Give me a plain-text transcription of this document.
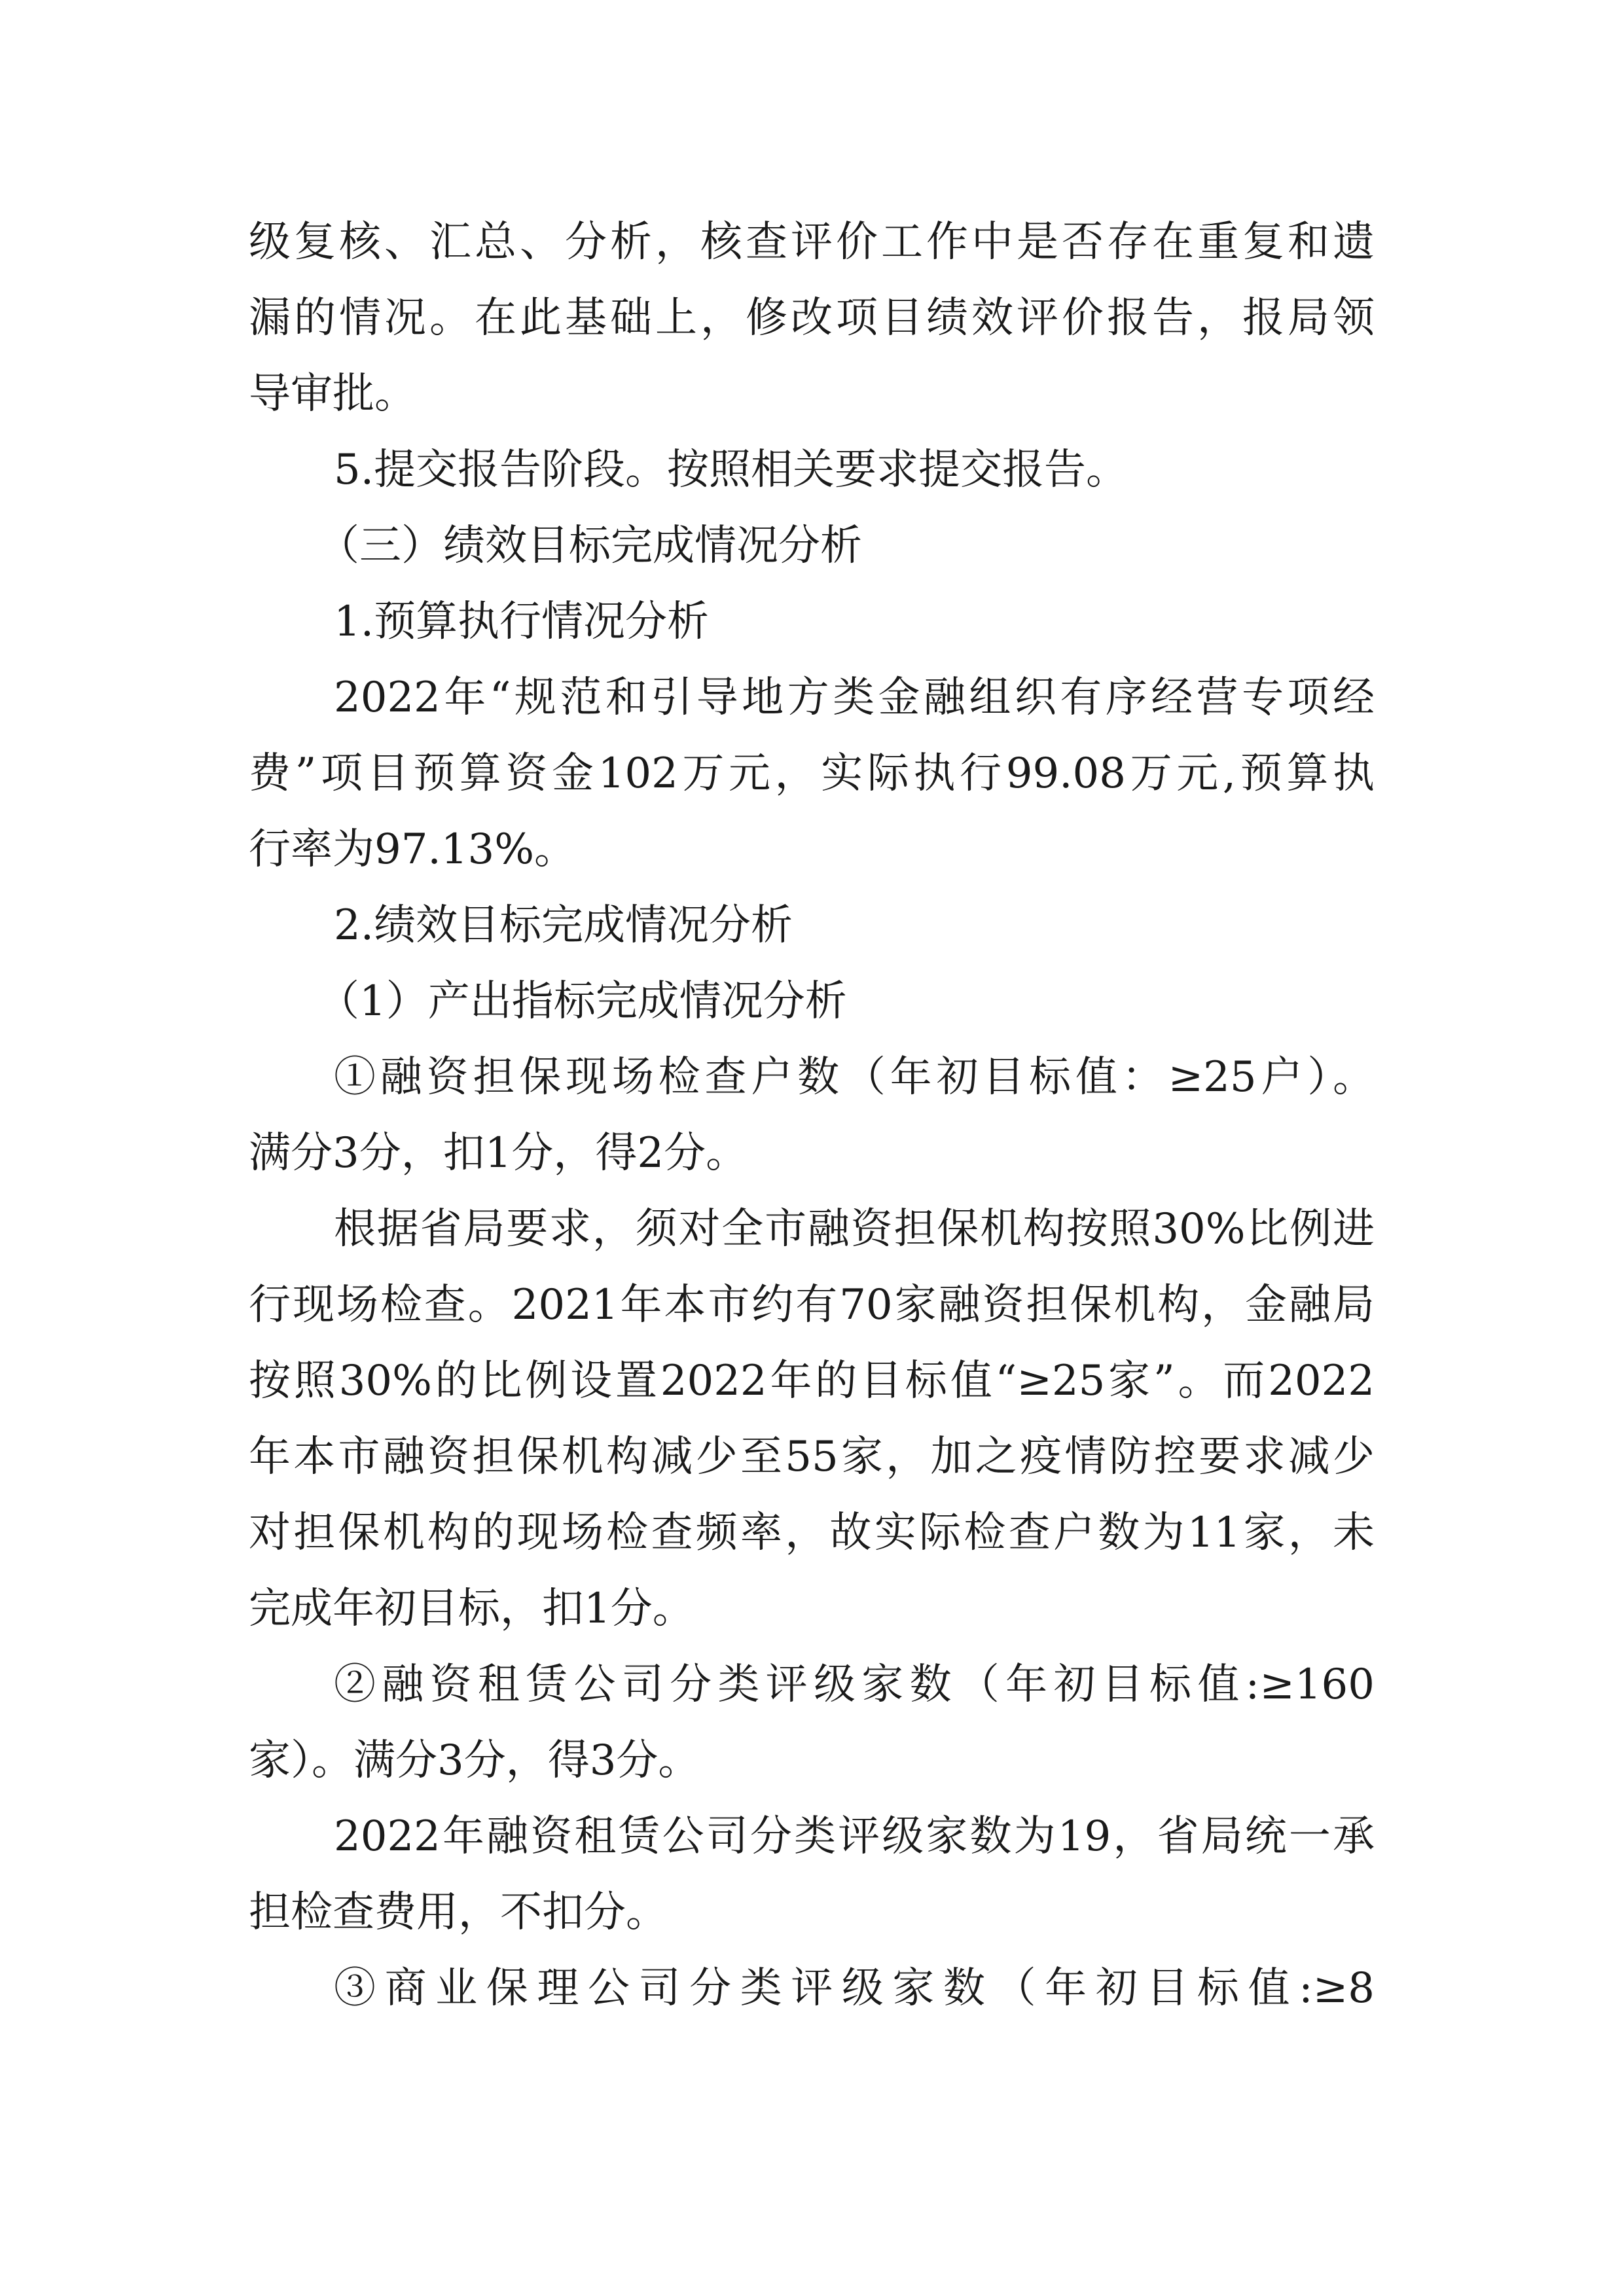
级复核、汇总、分析，核查评价工作中是否存在重复和遗
漏的情况。在此基础上，修改项目绩效评价报告，报局领
导审批。
5.提交报告阶段。按照相关要求提交报告。
（三）绩效目标完成情况分析
1.预算执行情况分析
2022年“规范和引导地方类金融组织有序经营专项经
费”项目预算资金102万元，实际执行99.08万元,预算执
行率为97.13%。
2.绩效目标完成情况分析
（1）产出指标完成情况分析
①融资担保现场检查户数（年初目标值：≥25户）。
满分3分，扣1分，得2分。
根据省局要求，须对全市融资担保机构按照30%比例进
行现场检查。2021年本市约有70家融资担保机构，金融局
按照30%的比例设置2022年的目标值“≥25家”。而2022
年本市融资担保机构减少至55家，加之疫情防控要求减少
对担保机构的现场检查频率，故实际检查户数为11家，未
完成年初目标，扣1分。
②融资租赁公司分类评级家数（年初目标值:≥160
家）。满分3分，得3分。
2022年融资租赁公司分类评级家数为19，省局统一承
担检查费用，不扣分。
③商业保理公司分类评级家数（年初目标值:≥8
